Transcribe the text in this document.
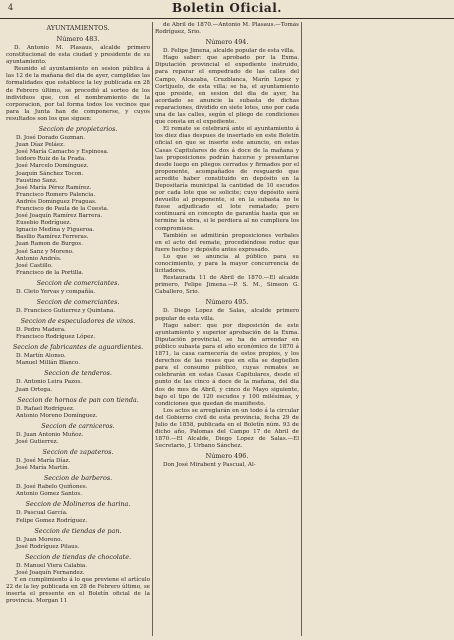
4	Boletin Oficial.
AYUNTAMIENTOS.
Número 483.

D. Antonio M. Plasaus, alcalde primero constitucional de esta ciudad y presidente de su ayuntamiento.

Reunido el ayuntamiento en sesion pública á las 12 de la mañana del dia de ayer, cumplidas las formalidades que establece la ley publicada en 28 de Febrero último, se procedió al sorteo de los individuos que, con el nombramiento de la corporacion, por tal forma todos los vecinos que para la Junta han de componerse, y cuyos resultados son los que siguen:

Seccion de propietarios.

D. José Dorado Guzman.

Juan Díaz Peláez.

José María Camacho y Espinosa.

Isidoro Ruiz de la Prada.

José Marcelo Domínguez.

Joaquín Sánchez Tocon.

Faustino Sanz.

José María Pérez Ramírez.

Francisco Romero Palencia.

Andrés Domínguez Fraguas.

Francisco de Paula de la Cuesta.

José Joaquín Ramírez Barrera.

Eusebio Rodríguez.

Ignacio Medina y Figueroa.

Basilio Ramírez Ferreras.

Juan Ramon de Burgos.

José Sanz y Moreno.

Antonio Andrés.

José Castillo.

Francisco de la Portilla.

Seccion de comerciantes.

D. Cleto Yervas y compañía.

Seccion de comerciantes.

D. Francisco Gutierrez y Quintana.

Seccion de especuladores de vinos.

D. Pedro Madera.

Francisco Rodríguez López.

Seccion de fabricantes de aguardientes.

D. Martín Alonso.

Manuel Millán Blanco.

Seccion de tenderos.

D. Antonio Leira Pazos.

Juan Ortega.

Seccion de hornos de pan con tienda.

D. Rafael Rodríguez.

Antonio Moreno Domínguez.

Seccion de carniceros.

D. Juan Antonio Muñoz.

José Gutierrez.

Seccion de zapateros.

D. José María Díaz.

José María Martín.

Seccion de barberos.

D. José Rabelo Quiñones.

Antonio Gomez Santos.

Seccion de Molineros de harina.

D. Pascual García.

Felipe Gomez Rodríguez.

Seccion de tiendas de pan.

D. Juan Moreno.

José Rodríguez Pilaus.

Seccion de tiendas de chocolate.

D. Manuel Viera Calabia.

José Joaquín Fernandez.

Y en cumplimiento á lo que previene el artículo 22 de la ley publicada en 28 de Febrero último, se inserta el presente en el Boletín oficial de la provincia. Morgan 11

de Abril de 1870.—Antonio M. Plasaus.—Tomás Rodríguez, Srio.

Número 494.

D. Felipe Jimena, alcalde popular de esta villa.

Hago saber: que aprobado por la Exma. Diputación provincial el expediente instruido, para reparar el empedrado de las calles del Campo, Alcazaba, Cruzblanca, Marín Lopez y Cortijuelo, de esta villa; se ha, el ayuntamiento que preside, en sesion del dia de ayer, ha acordado se anuncie la subasta de dichas reparaciones, dividido en siete lotes, uno por cada una de las calles, según el pliego de condiciones que consta en el expediente.

El remate se celebrará ante el ayuntamiento á los diez dias despues de insertado en este Boletín oficial en que se inserte este anuncio, en estas Casas Capitulares de dos á doce de la mañana y las proposiciones podrán hacerse y presentarse desde luego en pliegos cerrados y firmados por el proponente, acompañados de resguardo que acredite haber constituido en depósito en la Depositaría municipal la cantidad de 10 escudos por cada lote que se solicite; cuyo depósito será devuelto al proponente, si en la subasta no le fuese adjudicado el lote rematado; pero continuará en concepto de garantía hasta que se termine la obra, si le perdiera al no cumpliera los compromisos.

También se admitirán proposiciones verbales en el acto del remate, procediéndose reduc que fuere hecho y depósito antes expresado.

Lo que se anuncia al público para su conocimiento, y para la mayor concurrencia de licitadores.

Restaurada 11 de Abril de 1870.—El alcalde primero, Felipe Jimena.—P. S. M., Simeon G. Caballero, Srio.

Número 495.

D. Diego Lopez de Salas, alcalde primero popular de esta villa.

Hago saber: que por disposición de este ayuntamiento y superior aprobación de la Exma. Diputación provincial, se ha de arrendar en público subasta para el año económico de 1870 á 1871, la casa carnecería de estos propios, y los derechos de las reses que en ella se degüellen para el consumo público, cuyas remates se celebrarán en estas Casas Capitulares, desde el punto de las cinco á doce de la mañana, del dia dos de mes de Abril, y cinco de Mayo siguiente, bajo el tipo de 120 escudos y 100 milésimas, y condiciones que quedan de manifiesto.

Los actos se arreglarán en un todo á la circular del Gobierno civil de esta provincia, fecha 29 de Julio de 1858, publicada en el Boletín núm. 93 de dicho año, Palomas del Campo 17 de Abril de 1870.—El Alcalde, Diego Lopez de Salas.—El Secretario, J. Urbano Sánchez.

Número 496.

Don José Mirabent y Pascual, Al-
